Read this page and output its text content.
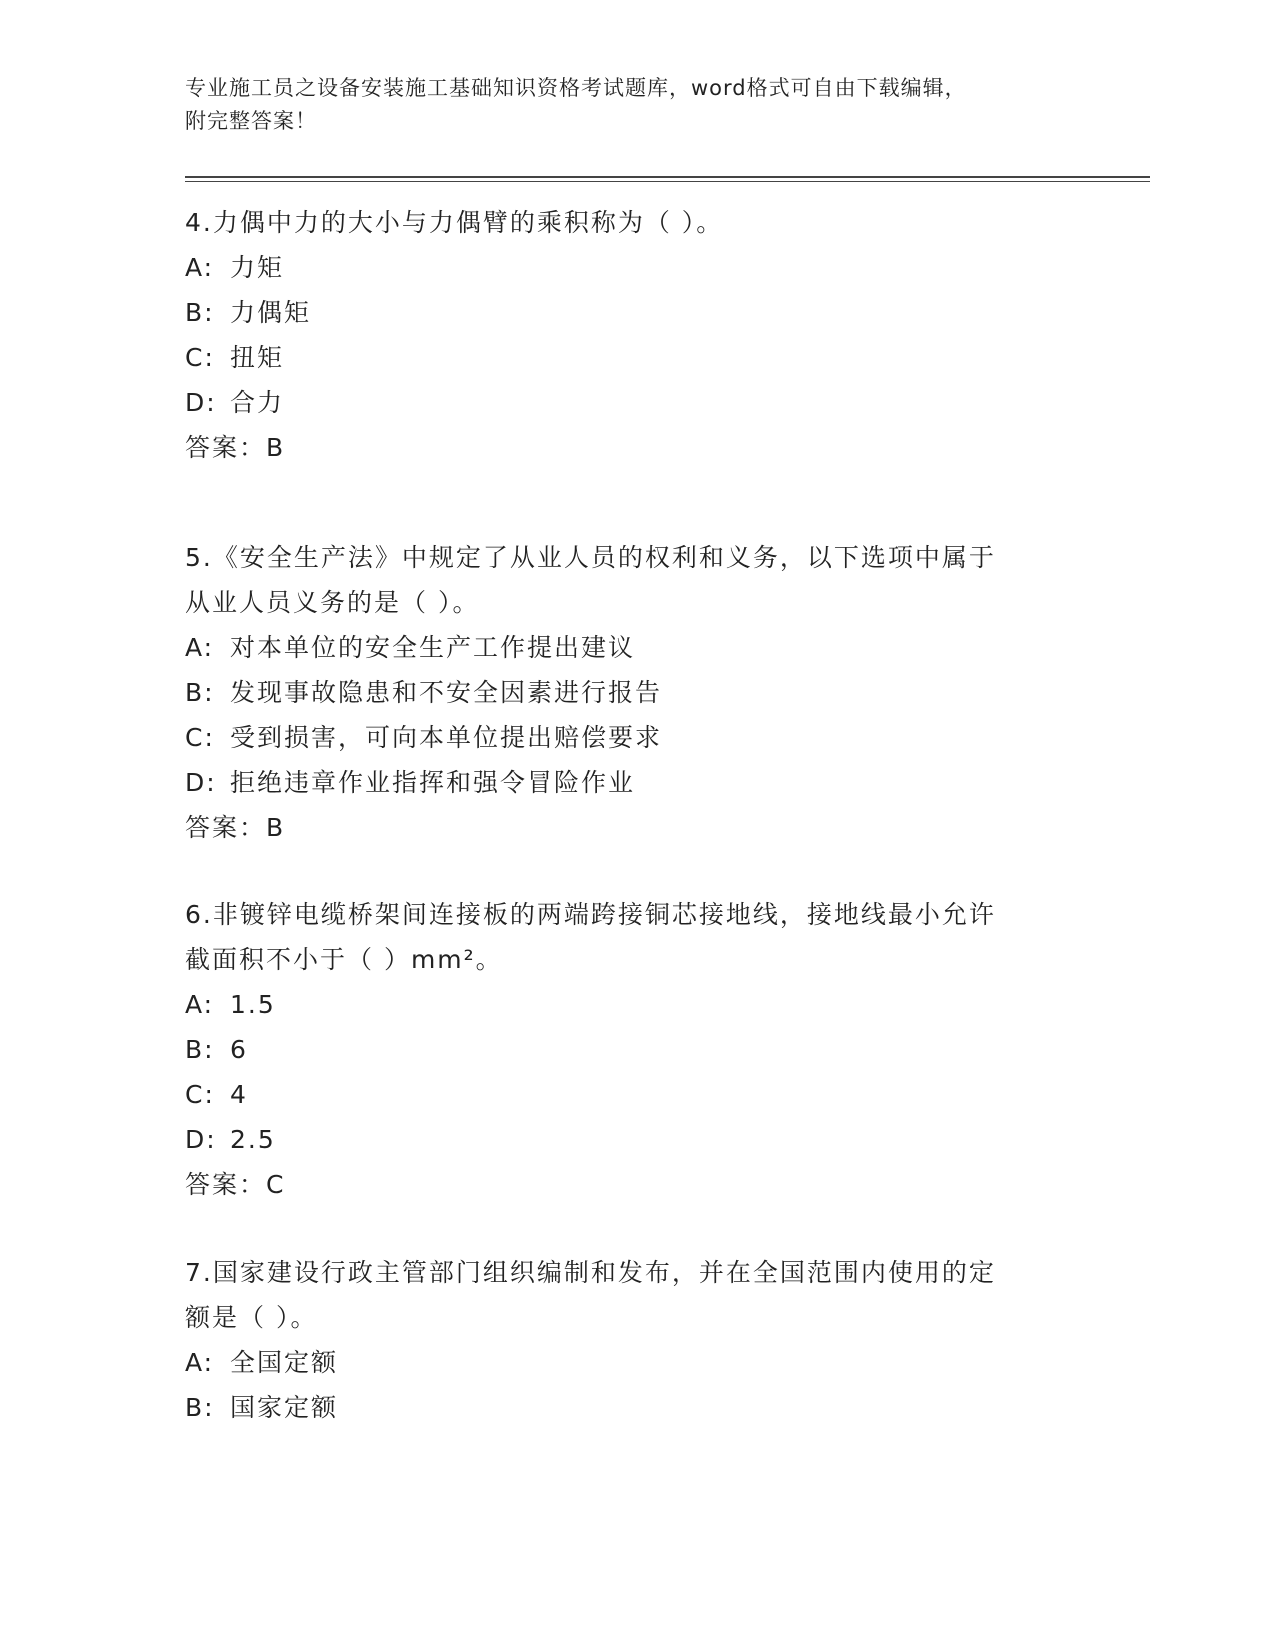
专业施工员之设备安装施工基础知识资格考试题库，word格式可自由下载编辑，
附完整答案！
4.力偶中力的大小与力偶臂的乘积称为（ ）。
A: 力矩
B: 力偶矩
C: 扭矩
D: 合力
答案：B
5.《安全生产法》中规定了从业人员的权利和义务，以下选项中属于
从业人员义务的是（ ）。
A: 对本单位的安全生产工作提出建议
B: 发现事故隐患和不安全因素进行报告
C: 受到损害，可向本单位提出赔偿要求
D: 拒绝违章作业指挥和强令冒险作业
答案：B
6.非镀锌电缆桥架间连接板的两端跨接铜芯接地线，接地线最小允许
截面积不小于（ ）mm²。
A: 1.5
B: 6
C: 4
D: 2.5
答案：C
7.国家建设行政主管部门组织编制和发布，并在全国范围内使用的定
额是（ ）。
A: 全国定额
B: 国家定额
